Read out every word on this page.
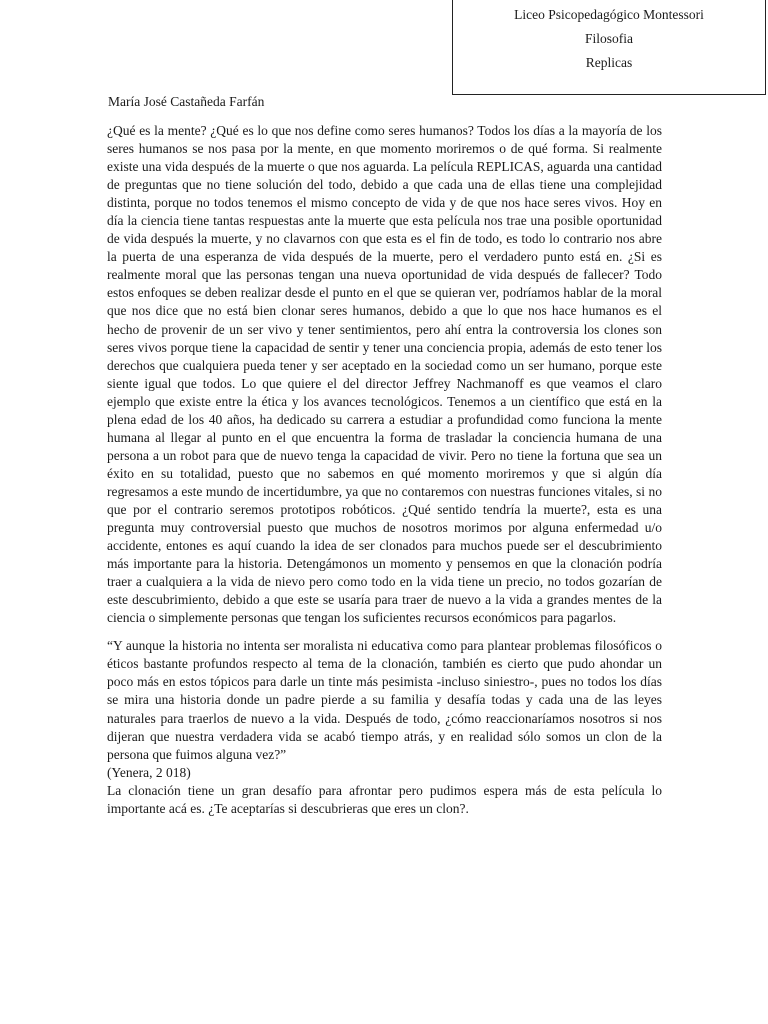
Liceo Psicopedagógico Montessori
Filosofia
Replicas
María José Castañeda Farfán

¿Qué es la mente? ¿Qué es lo que nos define como seres humanos? Todos los días a la mayoría de los seres humanos se nos pasa por la mente, en que momento moriremos o de qué forma. Si realmente existe una vida después de la muerte o que nos aguarda. La película REPLICAS, aguarda una cantidad de preguntas que no tiene solución del todo, debido a que cada una de ellas tiene una complejidad distinta, porque no todos tenemos el mismo concepto de vida y de que nos hace seres vivos. Hoy en día la ciencia tiene tantas respuestas ante la muerte que esta película nos trae una posible oportunidad de vida después la muerte, y no clavarnos con que esta es el fin de todo, es todo lo contrario nos abre la puerta de una esperanza de vida después de la muerte, pero el verdadero punto está en. ¿Si es realmente moral que las personas tengan una nueva oportunidad de vida después de fallecer? Todo estos enfoques se deben realizar desde el punto en el que se quieran ver, podríamos hablar de la moral que nos dice que no está bien clonar seres humanos, debido a que lo que nos hace humanos es el hecho de provenir de un ser vivo y tener sentimientos, pero ahí entra la controversia los clones son seres vivos porque tiene la capacidad de sentir y tener una conciencia propia, además de esto tener los derechos que cualquiera pueda tener y ser aceptado en la sociedad como un ser humano, porque este siente igual que todos. Lo que quiere el del director Jeffrey Nachmanoff es que veamos el claro ejemplo que existe entre la ética y los avances tecnológicos. Tenemos a un científico que está en la plena edad de los 40 años, ha dedicado su carrera a estudiar a profundidad como funciona la mente humana al llegar al punto en el que encuentra la forma de trasladar la conciencia humana de una persona a un robot para que de nuevo tenga la capacidad de vivir. Pero no tiene la fortuna que sea un éxito en su totalidad, puesto que no sabemos en qué momento moriremos y que si algún día regresamos a este mundo de incertidumbre, ya que no contaremos con nuestras funciones vitales, si no que por el contrario seremos prototipos robóticos. ¿Qué sentido tendría la muerte?, esta es una pregunta muy controversial puesto que muchos de nosotros morimos por alguna enfermedad u/o accidente, entones es aquí cuando la idea de ser clonados para muchos puede ser el descubrimiento más importante para la historia. Detengámonos un momento y pensemos en que la clonación podría traer a cualquiera a la vida de nievo pero como todo en la vida tiene un precio, no todos gozarían de este descubrimiento, debido a que este se usaría para traer de nuevo a la vida a grandes mentes de la ciencia o simplemente personas que tengan los suficientes recursos económicos para pagarlos.

“Y aunque la historia no intenta ser moralista ni educativa como para plantear problemas filosóficos o éticos bastante profundos respecto al tema de la clonación, también es cierto que pudo ahondar un poco más en estos tópicos para darle un tinte más pesimista -incluso siniestro-, pues no todos los días se mira una historia donde un padre pierde a su familia y desafía todas y cada una de las leyes naturales para traerlos de nuevo a la vida. Después de todo, ¿cómo reaccionaríamos nosotros si nos dijeran que nuestra verdadera vida se acabó tiempo atrás, y en realidad sólo somos un clon de la persona que fuimos alguna vez?”

(Yenera, 2 018)

La clonación tiene un gran desafío para afrontar pero pudimos espera más de esta película lo importante acá es. ¿Te aceptarías si descubrieras que eres un clon?.
